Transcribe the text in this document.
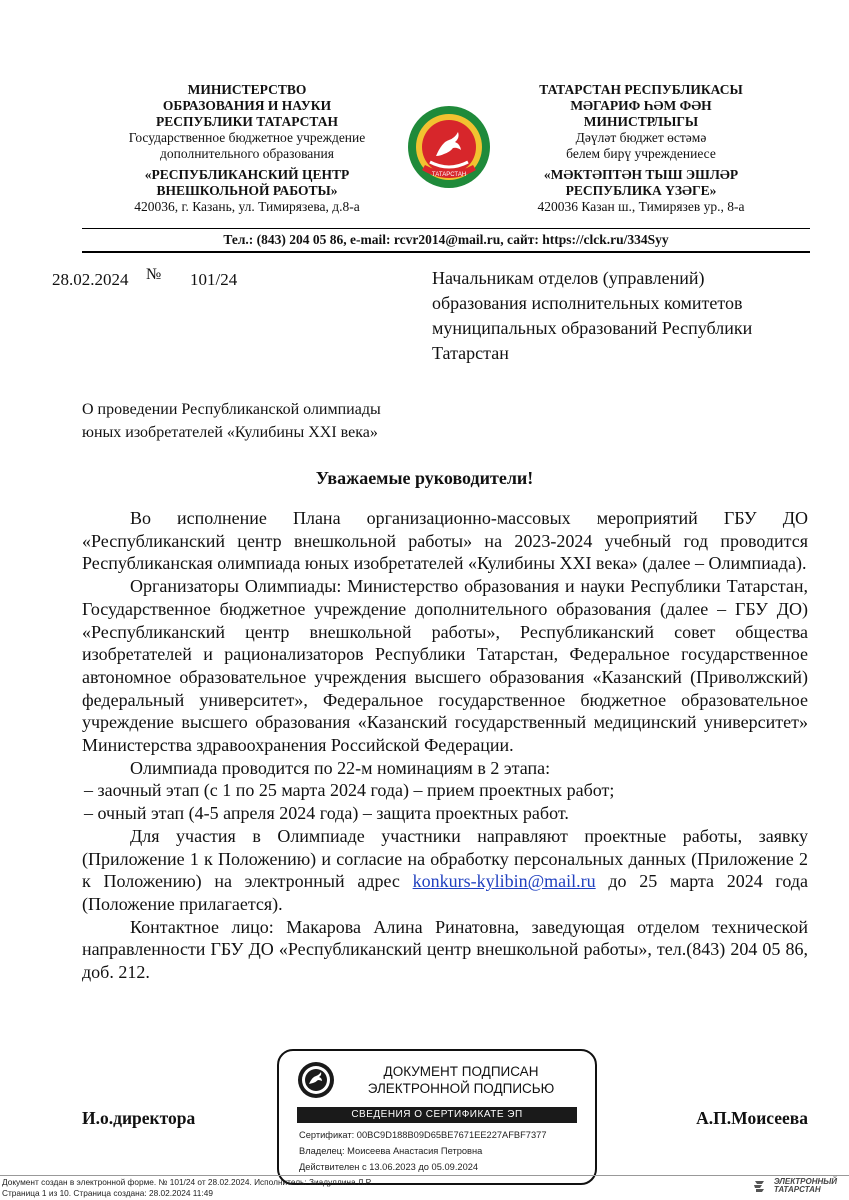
МИНИСТЕРСТВО
ОБРАЗОВАНИЯ И НАУКИ
РЕСПУБЛИКИ ТАТАРСТАН
Государственное бюджетное учреждение
дополнительного образования
«РЕСПУБЛИКАНСКИЙ ЦЕНТР
ВНЕШКОЛЬНОЙ РАБОТЫ»
420036, г. Казань, ул. Тимирязева, д.8-а
ТАТАРСТАН
ТАТАРСТАН РЕСПУБЛИКАСЫ
МӘГАРИФ ҺӘМ ФӘН
МИНИСТРЛЫГЫ
Дәүләт бюджет өстәмә
белем бирү учреждениесе
«МӘКТӘПТӘН ТЫШ ЭШЛӘР
РЕСПУБЛИКА ҮЗӘГЕ»
420036 Казан ш., Тимирязев ур., 8-а
Тел.: (843) 204 05 86, e-mail: rcvr2014@mail.ru, сайт: https://clck.ru/334Syy
28.02.2024 № 101/24	Начальникам отделов (управлений)
образования исполнительных комитетов
муниципальных образований Республики
Татарстан
О проведении Республиканской олимпиады
юных изобретателей «Кулибины XXI века»
Уважаемые руководители!

Во исполнение Плана организационно-массовых мероприятий ГБУ ДО «Республиканский центр внешкольной работы» на 2023-2024 учебный год проводится Республиканская олимпиада юных изобретателей «Кулибины XXI века» (далее – Олимпиада).

Организаторы Олимпиады: Министерство образования и науки Республики Татарстан, Государственное бюджетное учреждение дополнительного образования (далее – ГБУ ДО) «Республиканский центр внешкольной работы», Республиканский совет общества изобретателей и рационализаторов Республики Татарстан, Федеральное государственное автономное образовательное учреждения высшего образования «Казанский (Приволжский) федеральный университет», Федеральное государственное бюджетное образовательное учреждение высшего образования «Казанский государственный медицинский университет» Министерства здравоохранения Российской Федерации.

Олимпиада проводится по 22-м номинациям в 2 этапа:

– заочный этап (с 1 по 25 марта 2024 года) – прием проектных работ;

– очный этап (4-5 апреля 2024 года) – защита проектных работ.

Для участия в Олимпиаде участники направляют проектные работы, заявку (Приложение 1 к Положению) и согласие на обработку персональных данных (Приложение 2 к Положению) на электронный адрес konkurs-kylibin@mail.ru до 25 марта 2024 года (Положение прилагается).

Контактное лицо: Макарова Алина Ринатовна, заведующая отделом технической направленности ГБУ ДО «Республиканский центр внешкольной работы», тел.(843) 204 05 86, доб. 212.

И.о.директора	А.П.Моисеева
ДОКУМЕНТ ПОДПИСАН
ЭЛЕКТРОННОЙ ПОДПИСЬЮ
СВЕДЕНИЯ О СЕРТИФИКАТЕ ЭП
Сертификат: 00BC9D188B09D65BE7671EE227AFBF7377
Владелец: Моисеева Анастасия Петровна
Действителен с 13.06.2023 до 05.09.2024
Документ создан в электронной форме. № 101/24 от 28.02.2024. Исполнитель: Зиадуллина Л.Р.
Страница 1 из 10. Страница создана: 28.02.2024 11:49
ЭЛЕКТРОННЫЙ
ТАТАРСТАН
